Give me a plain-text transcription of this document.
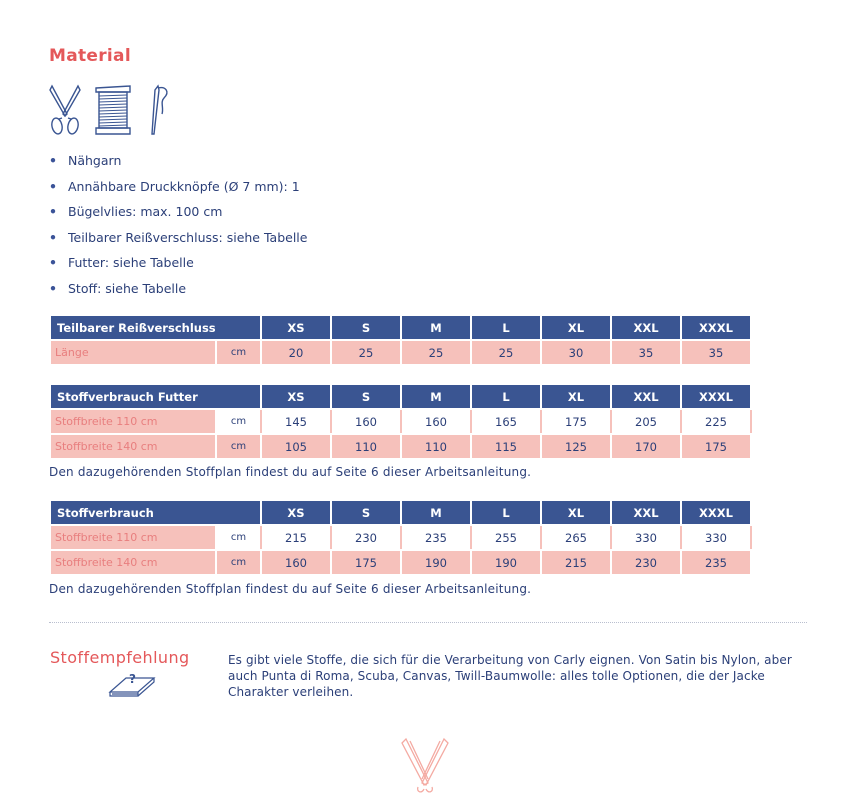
Material
• Nähgarn
• Annähbare Druckknöpfe (Ø 7 mm): 1
• Bügelvlies: max. 100 cm
• Teilbarer Reißverschluss: siehe Tabelle
• Futter: siehe Tabelle
• Stoff: siehe Tabelle
Teilbarer Reißverschluss		XS	S	M	L	XL	XXL	XXXL
Länge	cm	20	25	25	25	30	35	35
Stoffverbrauch Futter		XS	S	M	L	XL	XXL	XXXL
Stoffbreite 110 cm	cm	145	160	160	165	175	205	225
Stoffbreite 140 cm	cm	105	110	110	115	125	170	175
Den dazugehörenden Stoffplan findest du auf Seite 6 dieser Arbeitsanleitung.
Stoffverbrauch		XS	S	M	L	XL	XXL	XXXL
Stoffbreite 110 cm	cm	215	230	235	255	265	330	330
Stoffbreite 140 cm	cm	160	175	190	190	215	230	235
Den dazugehörenden Stoffplan findest du auf Seite 6 dieser Arbeitsanleitung.
Stoffempfehlung
?
Es gibt viele Stoffe, die sich für die Verarbeitung von Carly eignen. Von Satin bis Nylon, aber auch Punta di Roma, Scuba, Canvas, Twill-Baumwolle: alles tolle Optionen, die der Jacke Charakter verleihen.
